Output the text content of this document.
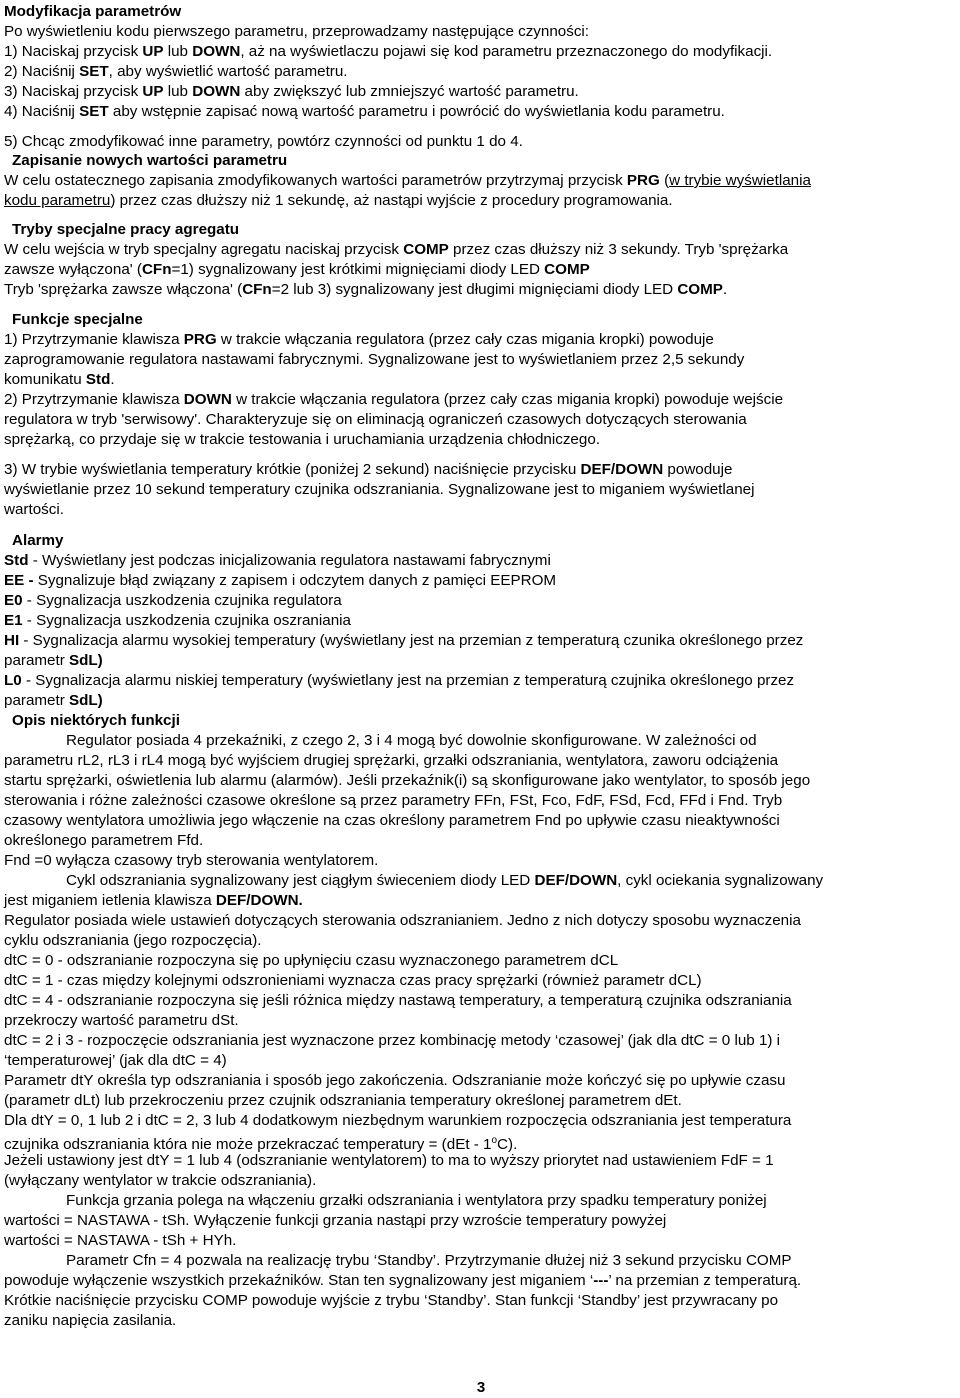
Modyfikacja parametrów
Po wyświetleniu kodu pierwszego parametru, przeprowadzamy następujące czynności:
1) Naciskaj przycisk UP lub DOWN, aż na wyświetlaczu pojawi się kod parametru przeznaczonego do modyfikacji.
2) Naciśnij SET, aby wyświetlić wartość parametru.
3) Naciskaj przycisk UP lub DOWN aby zwiększyć lub zmniejszyć wartość parametru.
4) Naciśnij SET aby wstępnie zapisać nową wartość parametru i powrócić do wyświetlania kodu parametru.
5) Chcąc zmodyfikować inne parametry, powtórz czynności od punktu 1 do 4.
Zapisanie nowych wartości parametru
W celu ostatecznego zapisania zmodyfikowanych wartości parametrów przytrzymaj przycisk PRG (w trybie wyświetlania
kodu parametru) przez czas dłuższy niż 1 sekundę, aż nastąpi wyjście z procedury programowania.
Tryby specjalne pracy agregatu
W celu wejścia w tryb specjalny agregatu naciskaj przycisk COMP przez czas dłuższy niż 3 sekundy. Tryb 'sprężarka
zawsze wyłączona' (CFn=1) sygnalizowany jest krótkimi mignięciami diody LED COMP
Tryb 'sprężarka zawsze włączona' (CFn=2 lub 3) sygnalizowany jest długimi mignięciami diody LED COMP.
Funkcje specjalne
1) Przytrzymanie klawisza PRG w trakcie włączania regulatora (przez cały czas migania kropki) powoduje
zaprogramowanie regulatora nastawami fabrycznymi. Sygnalizowane jest to wyświetlaniem przez 2,5 sekundy
komunikatu Std.
2) Przytrzymanie klawisza DOWN w trakcie włączania regulatora (przez cały czas migania kropki) powoduje wejście
regulatora w tryb 'serwisowy'. Charakteryzuje się on eliminacją ograniczeń czasowych dotyczących sterowania
sprężarką, co przydaje się w trakcie testowania i uruchamiania urządzenia chłodniczego.
3) W trybie wyświetlania temperatury krótkie (poniżej 2 sekund) naciśnięcie przycisku DEF/DOWN powoduje
wyświetlanie przez 10 sekund temperatury czujnika odszraniania. Sygnalizowane jest to miganiem wyświetlanej
wartości.
Alarmy
Std - Wyświetlany jest podczas inicjalizowania regulatora nastawami fabrycznymi
EE - Sygnalizuje błąd związany z zapisem i odczytem danych z pamięci EEPROM
E0 - Sygnalizacja uszkodzenia czujnika regulatora
E1 - Sygnalizacja uszkodzenia czujnika oszraniania
HI - Sygnalizacja alarmu wysokiej temperatury (wyświetlany jest na przemian z temperaturą czunika określonego przez
parametr SdL)
L0 - Sygnalizacja alarmu niskiej temperatury (wyświetlany jest na przemian z temperaturą czujnika określonego przez
parametr SdL)
Opis niektórych funkcji
Regulator posiada 4 przekaźniki, z czego 2, 3 i 4 mogą być dowolnie skonfigurowane. W zależności od
parametru rL2, rL3 i rL4 mogą być wyjściem drugiej sprężarki, grzałki odszraniania, wentylatora, zaworu odciążenia
startu sprężarki, oświetlenia lub alarmu (alarmów). Jeśli przekaźnik(i) są skonfigurowane jako wentylator, to sposób jego
sterowania i różne zależności czasowe określone są przez parametry FFn, FSt, Fco, FdF, FSd, Fcd, FFd i Fnd. Tryb
czasowy wentylatora umożliwia jego włączenie na czas określony parametrem Fnd po upływie czasu nieaktywności
określonego parametrem Ffd.
Fnd =0 wyłącza czasowy tryb sterowania wentylatorem.
Cykl odszraniania sygnalizowany jest ciągłym świeceniem diody LED DEF/DOWN, cykl ociekania sygnalizowany
jest miganiem ietlenia klawisza DEF/DOWN.
Regulator posiada wiele ustawień dotyczących sterowania odszranianiem. Jedno z nich dotyczy sposobu wyznaczenia
cyklu odszraniania (jego rozpoczęcia).
dtC = 0 - odszranianie rozpoczyna się po upłynięciu czasu wyznaczonego parametrem dCL
dtC = 1 - czas między kolejnymi odszronieniami wyznacza czas pracy sprężarki (również parametr dCL)
dtC = 4 - odszranianie rozpoczyna się jeśli różnica między nastawą temperatury, a temperaturą czujnika odszraniania
przekroczy wartość parametru dSt.
dtC = 2 i 3 - rozpoczęcie odszraniania jest wyznaczone przez kombinację metody ‘czasowej’ (jak dla dtC = 0 lub 1) i
‘temperaturowej’ (jak dla dtC = 4)
Parametr dtY określa typ odszraniania i sposób jego zakończenia. Odszranianie może kończyć się po upływie czasu
(parametr dLt) lub przekroczeniu przez czujnik odszraniania temperatury określonej parametrem dEt.
Dla dtY = 0, 1 lub 2 i dtC = 2, 3 lub 4 dodatkowym niezbędnym warunkiem rozpoczęcia odszraniania jest temperatura
czujnika odszraniania która nie może przekraczać temperatury = (dEt - 1$^o$C).
Jeżeli ustawiony jest dtY = 1 lub 4 (odszranianie wentylatorem) to ma to wyższy priorytet nad ustawieniem FdF = 1
(wyłączany wentylator w trakcie odszraniania).
Funkcja grzania polega na włączeniu grzałki odszraniania i wentylatora przy spadku temperatury poniżej
wartości = NASTAWA - tSh. Wyłączenie funkcji grzania nastąpi przy wzroście temperatury powyżej
wartości = NASTAWA - tSh + HYh.
Parametr Cfn = 4 pozwala na realizację trybu ‘Standby’. Przytrzymanie dłużej niż 3 sekund przycisku COMP
powoduje wyłączenie wszystkich przekaźników. Stan ten sygnalizowany jest miganiem ‘---’ na przemian z temperaturą.
Krótkie naciśnięcie przycisku COMP powoduje wyjście z trybu ‘Standby’. Stan funkcji ‘Standby’ jest przywracany po
zaniku napięcia zasilania.
3
